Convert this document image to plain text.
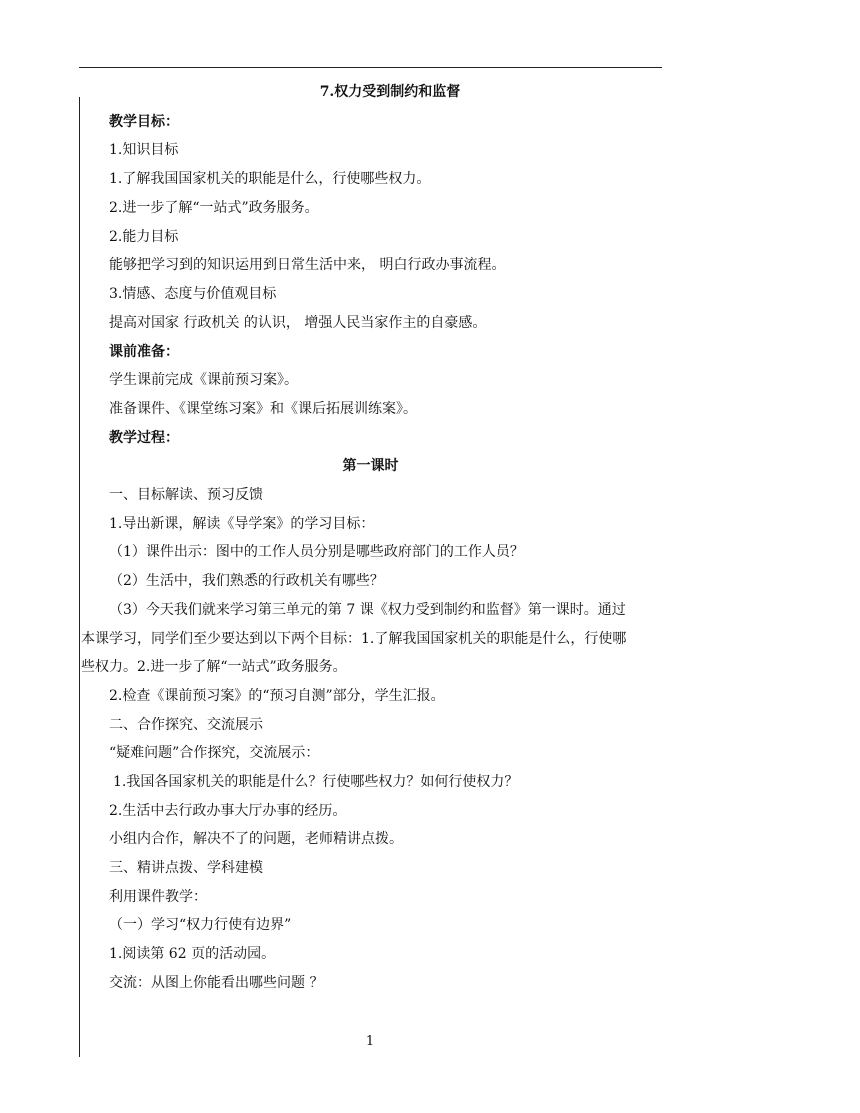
7.权力受到制约和监督
教学目标：
1.知识目标
1.了解我国国家机关的职能是什么，行使哪些权力。
2.进一步了解“一站式”政务服务。
2.能力目标
能够把学习到的知识运用到日常生活中来， 明白行政办事流程。
3.情感、态度与价值观目标
提高对国家 行政机关 的认识， 增强人民当家作主的自豪感。
课前准备：
学生课前完成《课前预习案》。
准备课件、《课堂练习案》和《课后拓展训练案》。
教学过程：
第一课时
一、目标解读、预习反馈
1.导出新课，解读《导学案》的学习目标：
（1）课件出示：图中的工作人员分别是哪些政府部门的工作人员？
（2）生活中，我们熟悉的行政机关有哪些？
（3）今天我们就来学习第三单元的第 7 课《权力受到制约和监督》第一课时。通过
本课学习，同学们至少要达到以下两个目标：1.了解我国国家机关的职能是什么，行使哪
些权力。2.进一步了解“一站式”政务服务。
2.检查《课前预习案》的“预习自测”部分，学生汇报。
二、合作探究、交流展示
“疑难问题”合作探究，交流展示：
1.我国各国家机关的职能是什么？行使哪些权力？如何行使权力？
2.生活中去行政办事大厅办事的经历。
小组内合作，解决不了的问题，老师精讲点拨。
三、精讲点拨、学科建模
利用课件教学：
（一）学习“权力行使有边界”
1.阅读第 62 页的活动园。
交流：从图上你能看出哪些问题 ？
1
